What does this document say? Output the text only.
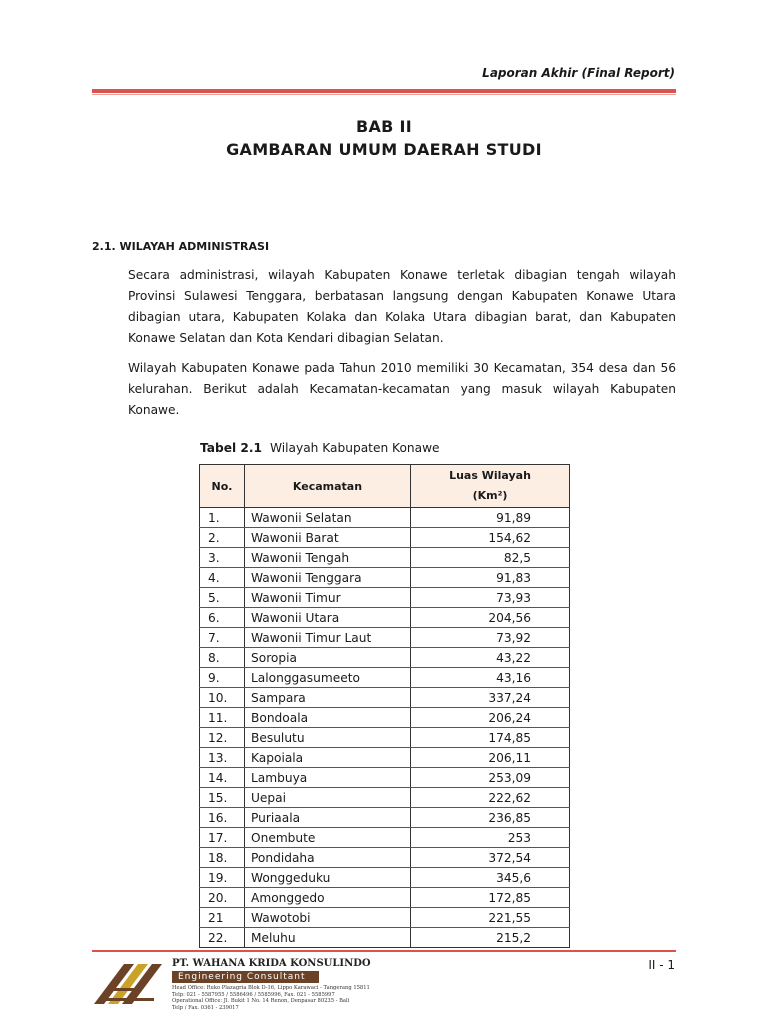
Laporan Akhir (Final Report)
BAB II
GAMBARAN UMUM DAERAH STUDI
2.1. WILAYAH ADMINISTRASI
Secara administrasi, wilayah Kabupaten Konawe terletak dibagian tengah wilayah Provinsi Sulawesi Tenggara, berbatasan langsung dengan Kabupaten Konawe Utara dibagian utara, Kabupaten Kolaka dan Kolaka Utara dibagian barat, dan Kabupaten Konawe Selatan dan Kota Kendari dibagian Selatan.
Wilayah Kabupaten Konawe pada Tahun 2010 memiliki 30 Kecamatan, 354 desa dan 56 kelurahan. Berikut adalah Kecamatan-kecamatan yang masuk wilayah Kabupaten Konawe.
Tabel 2.1 Wilayah Kabupaten Konawe
No.	Kecamatan	Luas Wilayah
(Km²)

1.	Wawonii Selatan	91,89
2.	Wawonii Barat	154,62
3.	Wawonii Tengah	82,5
4.	Wawonii Tenggara	91,83
5.	Wawonii Timur	73,93
6.	Wawonii Utara	204,56
7.	Wawonii Timur Laut	73,92
8.	Soropia	43,22
9.	Lalonggasumeeto	43,16
10.	Sampara	337,24
11.	Bondoala	206,24
12.	Besulutu	174,85
13.	Kapoiala	206,11
14.	Lambuya	253,09
15.	Uepai	222,62
16.	Puriaala	236,85
17.	Onembute	253
18.	Pondidaha	372,54
19.	Wonggeduku	345,6
20.	Amonggedo	172,85
21	Wawotobi	221,55
22.	Meluhu	215,2
PT. WAHANA KRIDA KONSULINDO
Engineering Consultant
Head Office: Ruko Plazagria Blok D-16, Lippo Karawaci - Tangerang 15811
Telp: 021 - 5587955 / 5586496 / 5585996, Fax. 021 - 5585997
Operational Office: Jl. Bukit 1 No. 14 Renon, Denpasar 80235 - Bali
Telp / Fax. 0361 - 239017
II - 1
